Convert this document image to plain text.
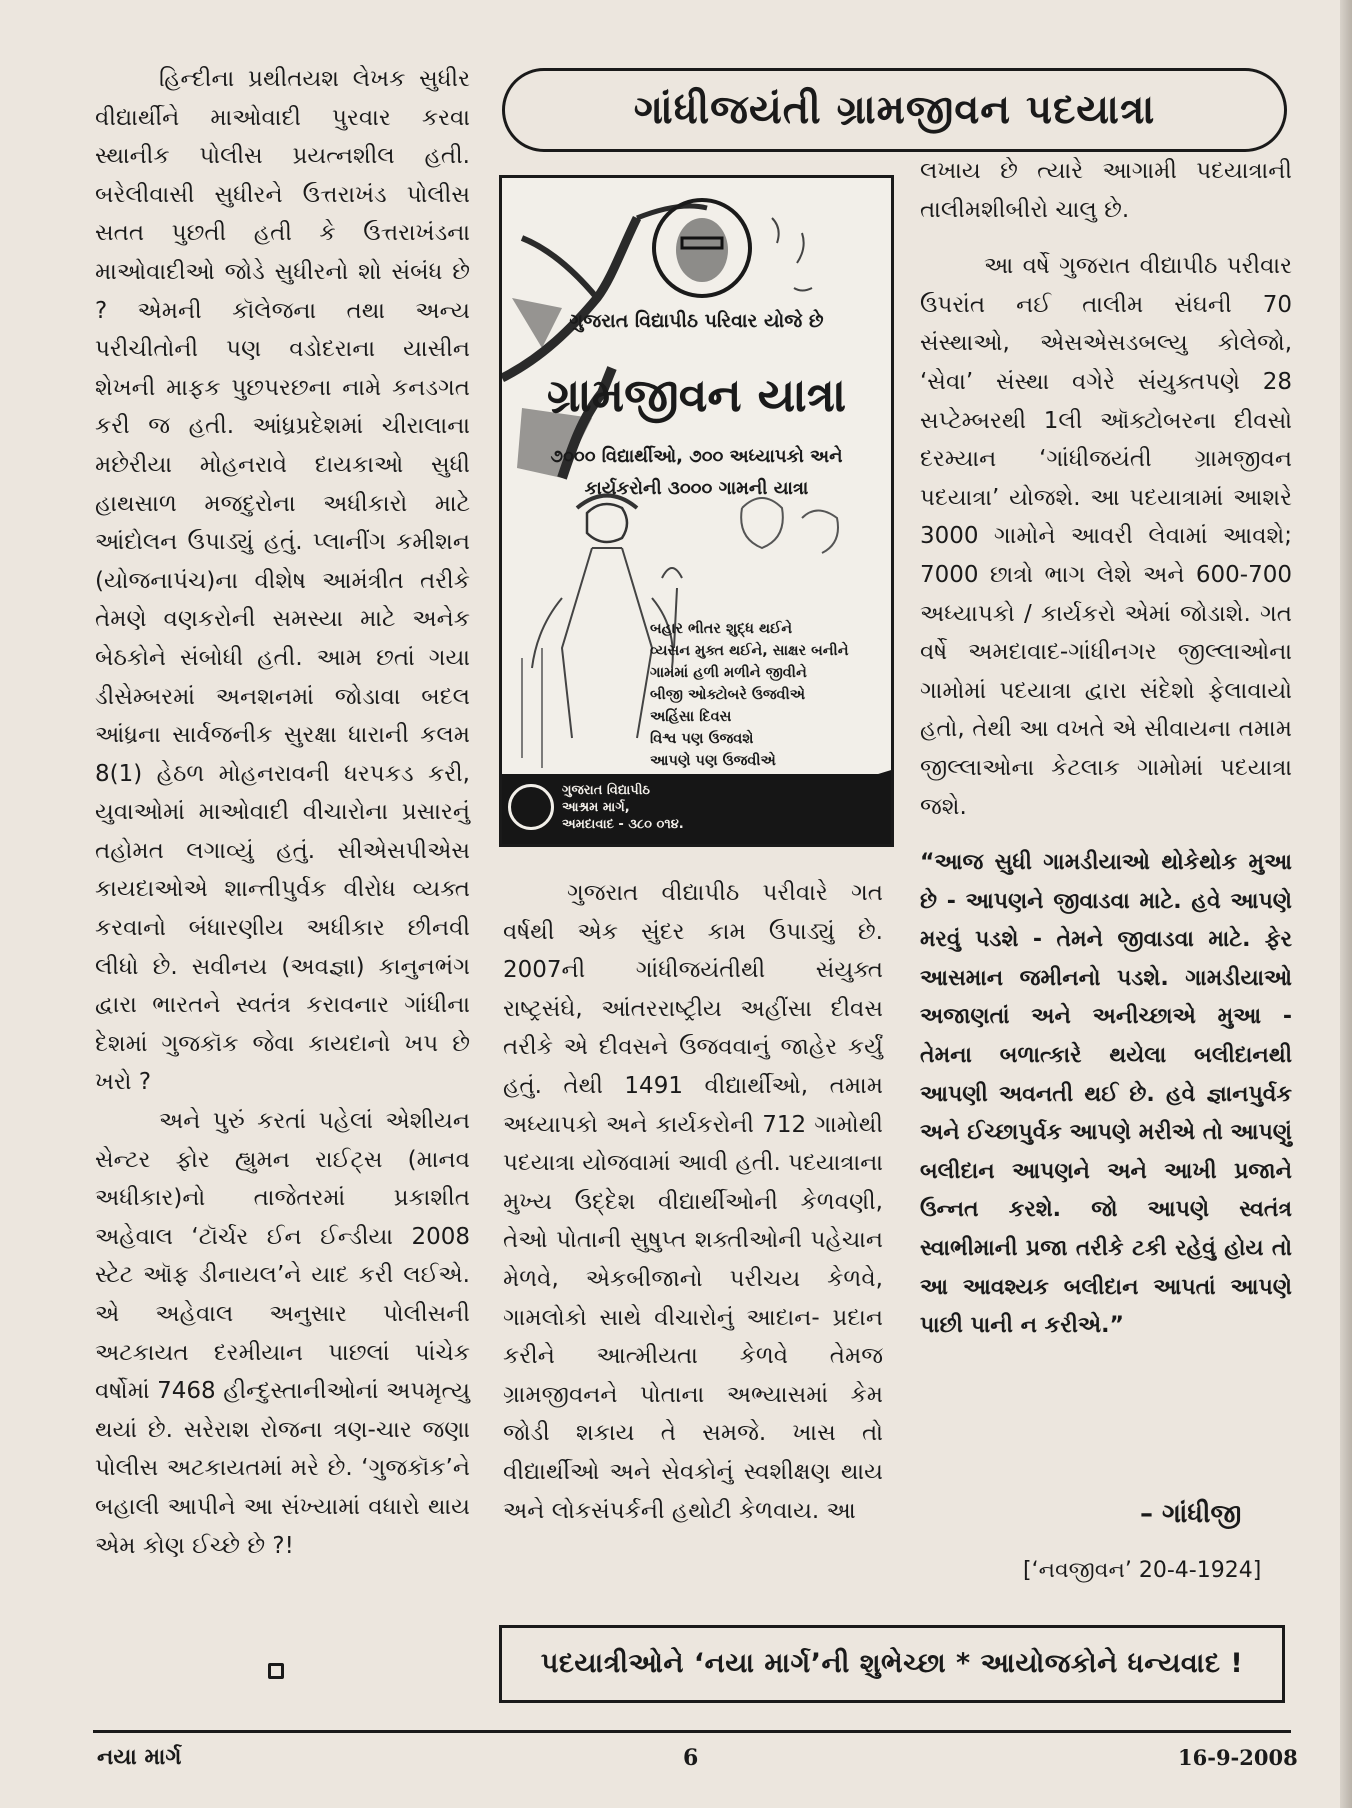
હિન્દીના પ્રથીતયશ લેખક સુધીર વીદ્યાર્થીને માઓવાદી પુરવાર કરવા સ્થાનીક પોલીસ પ્રયત્નશીલ હતી. બરેલીવાસી સુધીરને ઉત્તરાખંડ પોલીસ સતત પુછતી હતી કે ઉત્તરાખંડના માઓવાદીઓ જોડે સુધીરનો શો સંબંધ છે ? એમની કૉલેજના તથા અન્ય પરીચીતોની પણ વડોદરાના યાસીન શેખની માફક પુછપરછના નામે કનડગત કરી જ હતી. આંધ્રપ્રદેશમાં ચીરાલાના મછેરીયા મોહનરાવે દાયકાઓ સુધી હાથસાળ મજદુરોના અધીકારો માટે આંદોલન ઉપાડ્યું હતું. પ્લાનીંગ કમીશન (યોજનાપંચ)ના વીશેષ આમંત્રીત તરીકે તેમણે વણકરોની સમસ્યા માટે અનેક બેઠકોને સંબોધી હતી. આમ છતાં ગયા ડીસેમ્બરમાં અનશનમાં જોડાવા બદલ આંધ્રના સાર્વજનીક સુરક્ષા ધારાની કલમ 8(1) હેઠળ મોહનરાવની ધરપકડ કરી, યુવાઓમાં માઓવાદી વીચારોના પ્રસારનું તહોમત લગાવ્યું હતું. સીએસપીએસ કાયદાઓએ શાન્તીપુર્વક વીરોધ વ્યક્ત કરવાનો બંધારણીય અધીકાર છીનવી લીધો છે. સવીનય (અવજ્ઞા) કાનુનભંગ દ્વારા ભારતને સ્વતંત્ર કરાવનાર ગાંધીના દેશમાં ગુજકૉક જેવા કાયદાનો ખપ છે ખરો ?

અને પુરું કરતાં પહેલાં એશીયન સેન્ટર ફોર હ્યુમન રાઈટ્સ (માનવ અધીકાર)નો તાજેતરમાં પ્રકાશીત અહેવાલ ‘ટૉર્ચર ઈન ઈન્ડીયા 2008 સ્ટેટ ઑફ ડીનાયલ’ને યાદ કરી લઈએ. એ અહેવાલ અનુસાર પોલીસની અટકાયત દરમીયાન પાછલાં પાંચેક વર્ષોમાં 7468 હીન્દુસ્તાનીઓનાં અપમૃત્યુ થયાં છે. સરેરાશ રોજના ત્રણ-ચાર જણા પોલીસ અટકાયતમાં મરે છે. ‘ગુજકૉક’ને બહાલી આપીને આ સંખ્યામાં વધારો થાય એમ કોણ ઈચ્છે છે ?!

ગાંધીજયંતી ગ્રામજીવન પદયાત્રા
ગુજરાત વિદ્યાપીઠ પરિવાર યોજે છે
ગ્રામજીવન યાત્રા
૭૦૦૦ વિદ્યાર્થીઓ, ૭૦૦ અધ્યાપકો અને
કાર્યકરોની ૩૦૦૦ ગામની યાત્રા
બહાર ભીતર શુદ્ધ થઈને
વ્યસન મુક્ત થઈને, સાક્ષર બનીને
ગામમાં હળી મળીને જીવીને
બીજી ઓક્ટોબરે ઉજવીએ
અહિંસા દિવસ
વિશ્વ પણ ઉજવશે
આપણે પણ ઉજવીએ
ગુજરાત વિદ્યાપીઠ
આશ્રમ માર્ગ,
અમદાવાદ - ૩૮૦ ૦૧૪.

ગુજરાત વીદ્યાપીઠ પરીવારે ગત વર્ષથી એક સુંદર કામ ઉપાડ્યું છે. 2007ની ગાંધીજયંતીથી સંયુક્ત રાષ્ટ્રસંઘે, આંતરરાષ્ટ્રીય અહીંસા દીવસ તરીકે એ દીવસને ઉજવવાનું જાહેર કર્યું હતું. તેથી 1491 વીદ્યાર્થીઓ, તમામ અધ્યાપકો અને કાર્યકરોની 712 ગામોથી પદયાત્રા યોજવામાં આવી હતી. પદયાત્રાના મુખ્ય ઉદ્દેશ વીદ્યાર્થીઓની કેળવણી, તેઓ પોતાની સુષુપ્ત શક્તીઓની પહેચાન મેળવે, એકબીજાનો પરીચય કેળવે, ગામલોકો સાથે વીચારોનું આદાન- પ્રદાન કરીને આત્મીયતા કેળવે તેમજ ગ્રામજીવનને પોતાના અભ્યાસમાં કેમ જોડી શકાય તે સમજે. ખાસ તો વીદ્યાર્થીઓ અને સેવકોનું સ્વશીક્ષણ થાય અને લોકસંપર્કની હથોટી કેળવાય. આ

લખાય છે ત્યારે આગામી પદયાત્રાની તાલીમશીબીરો ચાલુ છે.

આ વર્ષે ગુજરાત વીદ્યાપીઠ પરીવાર ઉપરાંત નઈ તાલીમ સંઘની 70 સંસ્થાઓ, એસએસડબલ્યુ કોલેજો, ‘સેવા’ સંસ્થા વગેરે સંયુક્તપણે 28 સપ્ટેમ્બરથી 1લી ઑક્ટોબરના દીવસો દરમ્યાન ‘ગાંધીજયંતી ગ્રામજીવન પદયાત્રા’ યોજશે. આ પદયાત્રામાં આશરે 3000 ગામોને આવરી લેવામાં આવશે; 7000 છાત્રો ભાગ લેશે અને 600-700 અધ્યાપકો / કાર્યકરો એમાં જોડાશે. ગત વર્ષે અમદાવાદ-ગાંધીનગર જીલ્લાઓના ગામોમાં પદયાત્રા દ્વારા સંદેશો ફેલાવાયો હતો, તેથી આ વખતે એ સીવાયના તમામ જીલ્લાઓના કેટલાક ગામોમાં પદયાત્રા જશે.

“આજ સુધી ગામડીયાઓ થોકેથોક મુઆ છે - આપણને જીવાડવા માટે. હવે આપણે મરવું પડશે - તેમને જીવાડવા માટે. ફેર આસમાન જમીનનો પડશે. ગામડીયાઓ અજાણતાં અને અનીચ્છાએ મુઆ - તેમના બળાત્કારે થયેલા બલીદાનથી આપણી અવનતી થઈ છે. હવે જ્ઞાનપુર્વક અને ઈચ્છાપુર્વક આપણે મરીએ તો આપણું બલીદાન આપણને અને આખી પ્રજાને ઉન્નત કરશે. જો આપણે સ્વતંત્ર સ્વાભીમાની પ્રજા તરીકે ટકી રહેવું હોય તો આ આવશ્યક બલીદાન આપતાં આપણે પાછી પાની ન કરીએ.”

– ગાંધીજી
[‘નવજીવન’ 20-4-1924]
પદયાત્રીઓને ‘નયા માર્ગ’ની શુભેચ્છા * આયોજકોને ધન્યવાદ !
નયા માર્ગ	6	16-9-2008
